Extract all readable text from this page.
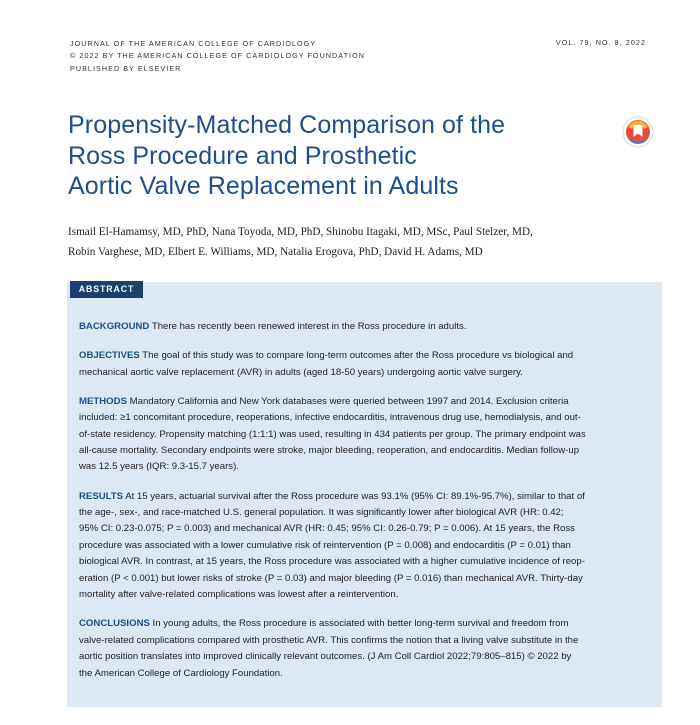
JOURNAL OF THE AMERICAN COLLEGE OF CARDIOLOGY
© 2022 BY THE AMERICAN COLLEGE OF CARDIOLOGY FOUNDATION
PUBLISHED BY ELSEVIER
VOL. 79, NO. 8, 2022
Propensity-Matched Comparison of the
Ross Procedure and Prosthetic
Aortic Valve Replacement in Adults

Ismail El-Hamamsy, MD, PhD, Nana Toyoda, MD, PhD, Shinobu Itagaki, MD, MSc, Paul Stelzer, MD,
Robin Varghese, MD, Elbert E. Williams, MD, Natalia Erogova, PhD, David H. Adams, MD

ABSTRACT

BACKGROUND There has recently been renewed interest in the Ross procedure in adults.

OBJECTIVES The goal of this study was to compare long-term outcomes after the Ross procedure vs biological and
mechanical aortic valve replacement (AVR) in adults (aged 18-50 years) undergoing aortic valve surgery.

METHODS Mandatory California and New York databases were queried between 1997 and 2014. Exclusion criteria
included: ≥1 concomitant procedure, reoperations, infective endocarditis, intravenous drug use, hemodialysis, and out-
of-state residency. Propensity matching (1:1:1) was used, resulting in 434 patients per group. The primary endpoint was
all-cause mortality. Secondary endpoints were stroke, major bleeding, reoperation, and endocarditis. Median follow-up
was 12.5 years (IQR: 9.3-15.7 years).

RESULTS At 15 years, actuarial survival after the Ross procedure was 93.1% (95% CI: 89.1%-95.7%), similar to that of
the age-, sex-, and race-matched U.S. general population. It was significantly lower after biological AVR (HR: 0.42;
95% CI: 0.23-0.075; P = 0.003) and mechanical AVR (HR: 0.45; 95% CI: 0.26-0.79; P = 0.006). At 15 years, the Ross
procedure was associated with a lower cumulative risk of reintervention (P = 0.008) and endocarditis (P = 0.01) than
biological AVR. In contrast, at 15 years, the Ross procedure was associated with a higher cumulative incidence of reop-
eration (P < 0.001) but lower risks of stroke (P = 0.03) and major bleeding (P = 0.016) than mechanical AVR. Thirty-day
mortality after valve-related complications was lowest after a reintervention.

CONCLUSIONS In young adults, the Ross procedure is associated with better long-term survival and freedom from
valve-related complications compared with prosthetic AVR. This confirms the notion that a living valve substitute in the
aortic position translates into improved clinically relevant outcomes. (J Am Coll Cardiol 2022;79:805–815) © 2022 by
the American College of Cardiology Foundation.
